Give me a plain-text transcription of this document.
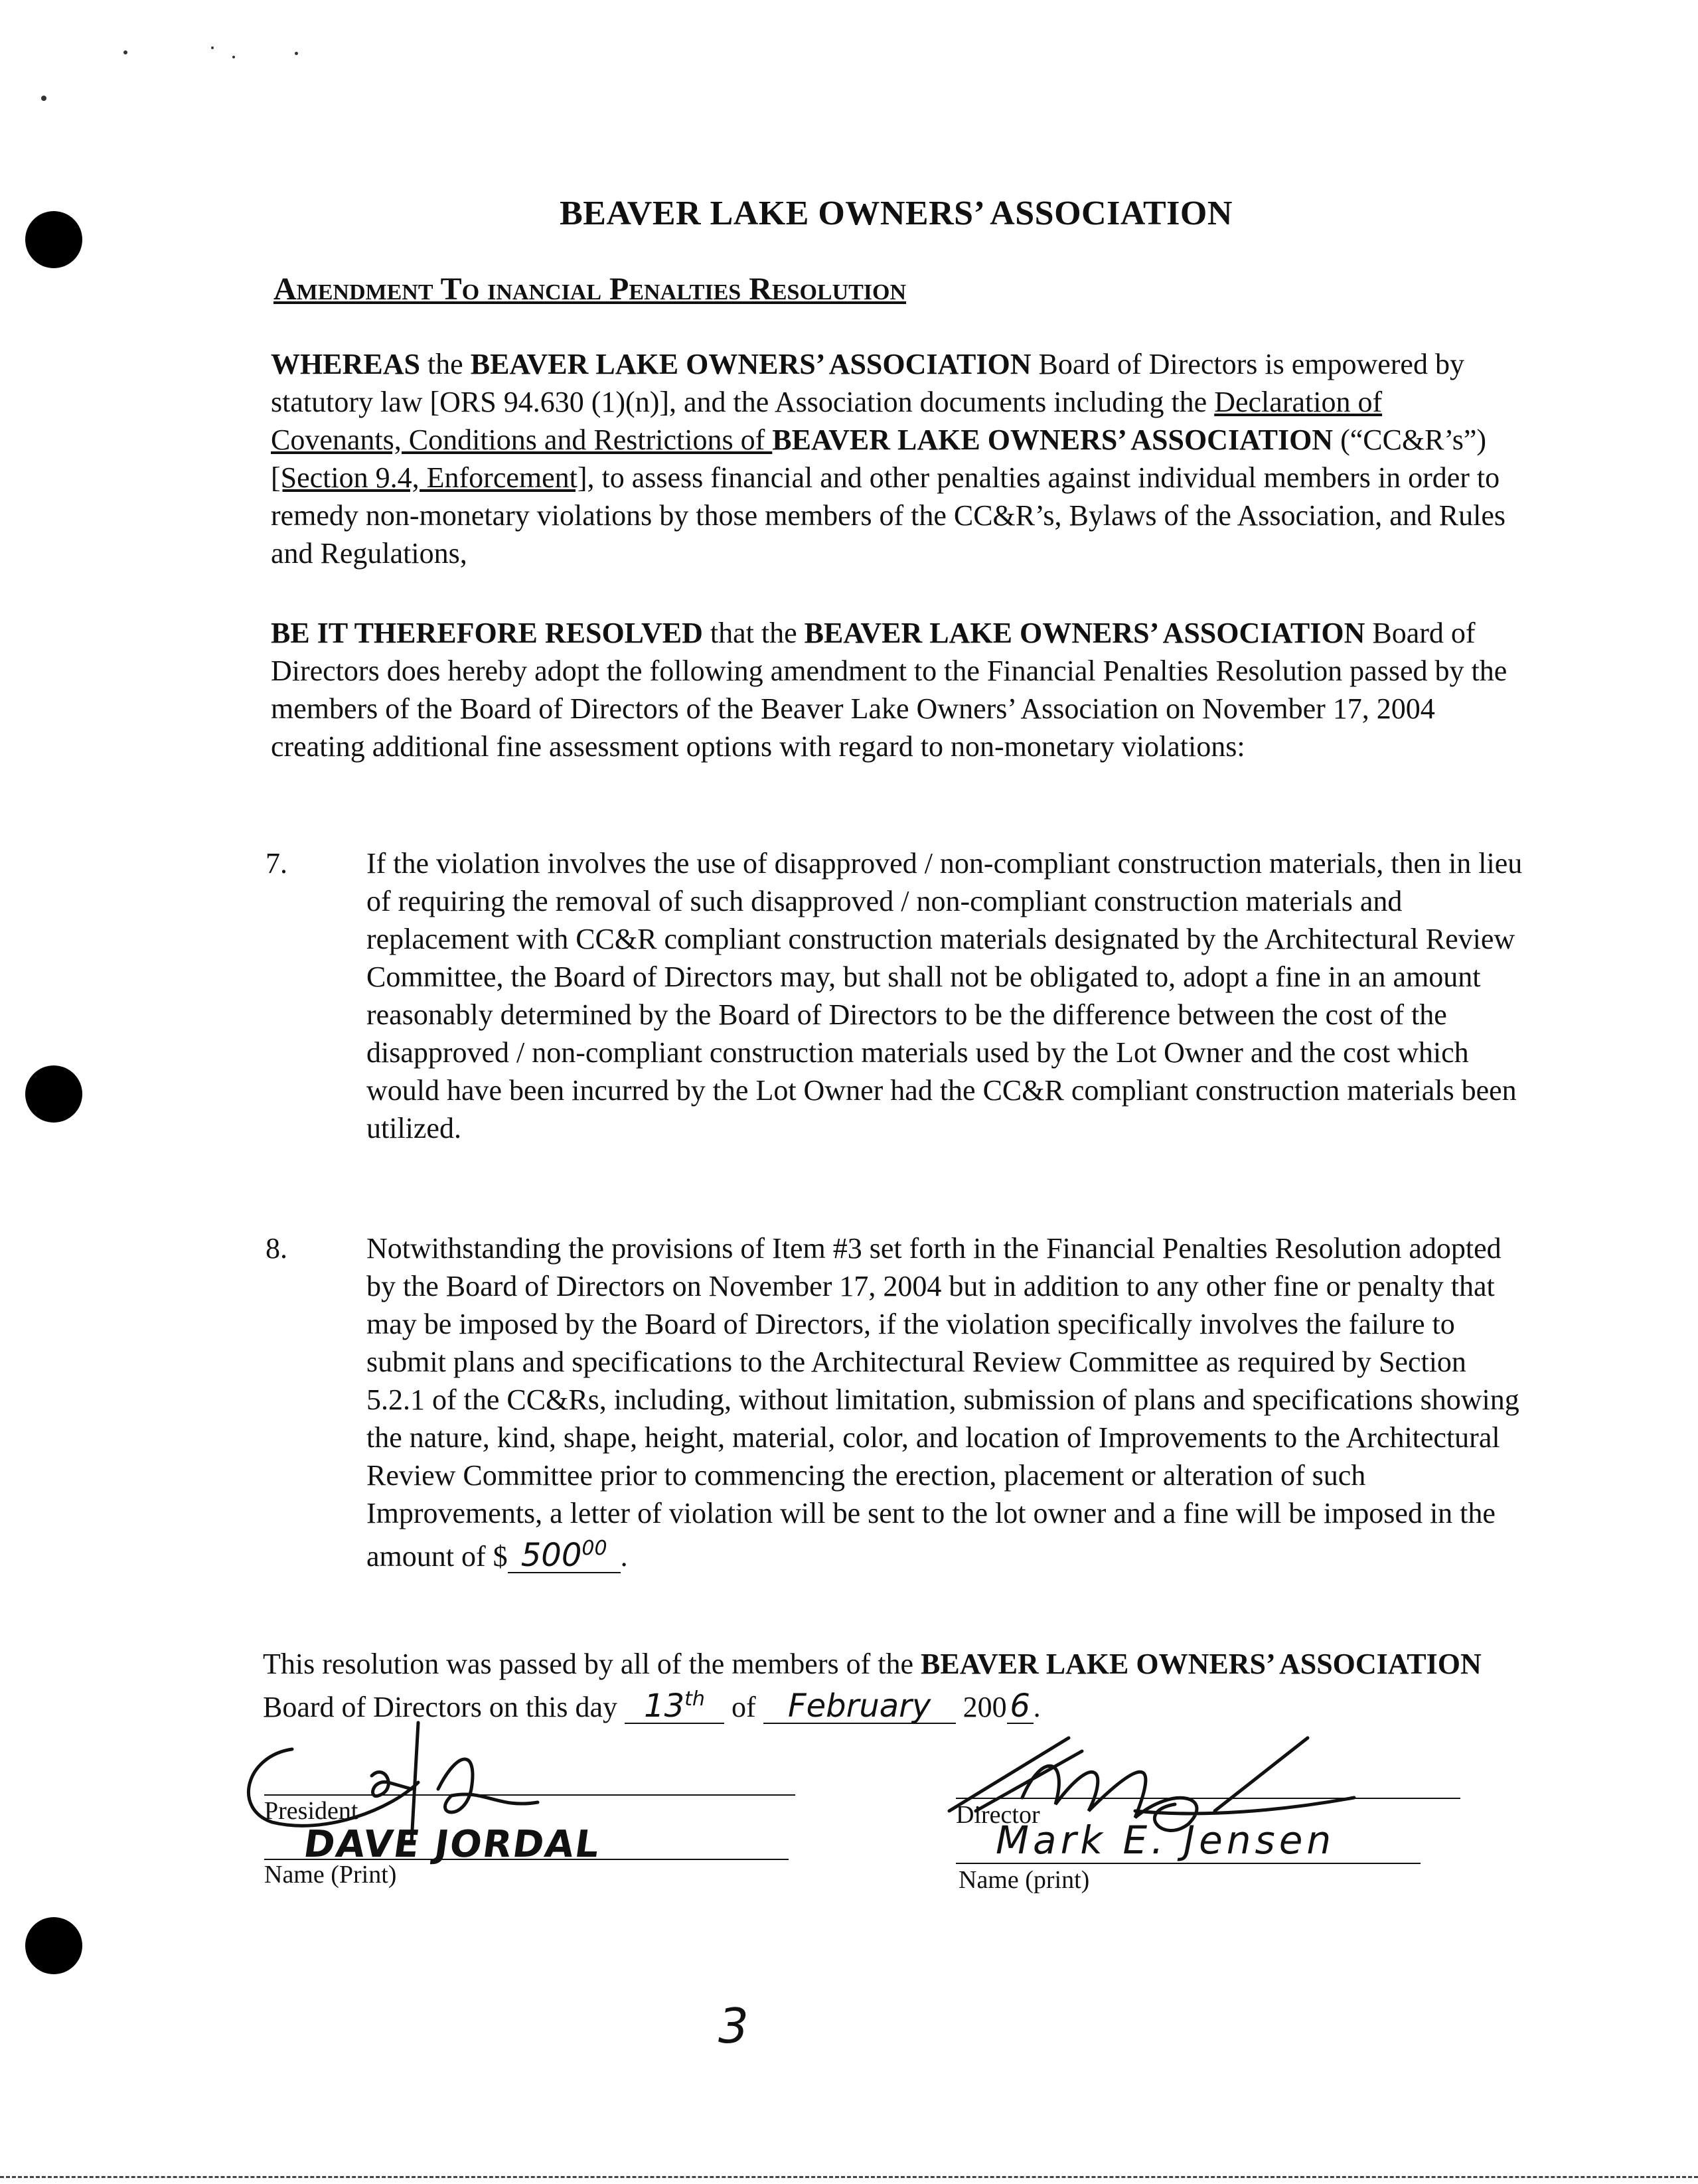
BEAVER LAKE OWNERS’ ASSOCIATION
Amendment To inancial Penalties Resolution
WHEREAS the BEAVER LAKE OWNERS’ ASSOCIATION Board of Directors is empowered by statutory law [ORS 94.630 (1)(n)], and the Association documents including the Declaration of Covenants, Conditions and Restrictions of BEAVER LAKE OWNERS’ ASSOCIATION (“CC&R’s”) [Section 9.4, Enforcement], to assess financial and other penalties against individual members in order to remedy non-monetary violations by those members of the CC&R’s, Bylaws of the Association, and Rules and Regulations,
BE IT THEREFORE RESOLVED that the BEAVER LAKE OWNERS’ ASSOCIATION Board of Directors does hereby adopt the following amendment to the Financial Penalties Resolution passed by the members of the Board of Directors of the Beaver Lake Owners’ Association on November 17, 2004 creating additional fine assessment options with regard to non-monetary violations:
7.	If the violation involves the use of disapproved / non-compliant construction materials, then in lieu of requiring the removal of such disapproved / non-compliant construction materials and replacement with CC&R compliant construction materials designated by the Architectural Review Committee, the Board of Directors may, but shall not be obligated to, adopt a fine in an amount reasonably determined by the Board of Directors to be the difference between the cost of the disapproved / non-compliant construction materials used by the Lot Owner and the cost which would have been incurred by the Lot Owner had the CC&R compliant construction materials been utilized.
8.	Notwithstanding the provisions of Item #3 set forth in the Financial Penalties Resolution adopted by the Board of Directors on November 17, 2004 but in addition to any other fine or penalty that may be imposed by the Board of Directors, if the violation specifically involves the failure to submit plans and specifications to the Architectural Review Committee as required by Section 5.2.1 of the CC&Rs, including, without limitation, submission of plans and specifications showing the nature, kind, shape, height, material, color, and location of Improvements to the Architectural Review Committee prior to commencing the erection, placement or alteration of such Improvements, a letter of violation will be sent to the lot owner and a fine will be imposed in the amount of $ $500^{00}$ .
This resolution was passed by all of the members of the BEAVER LAKE OWNERS’ ASSOCIATION Board of Directors on this day 13th of February 2006 .
President
DAVE JORDAL
Name (Print)
Director
Mark E. Jensen
Name (print)
3
